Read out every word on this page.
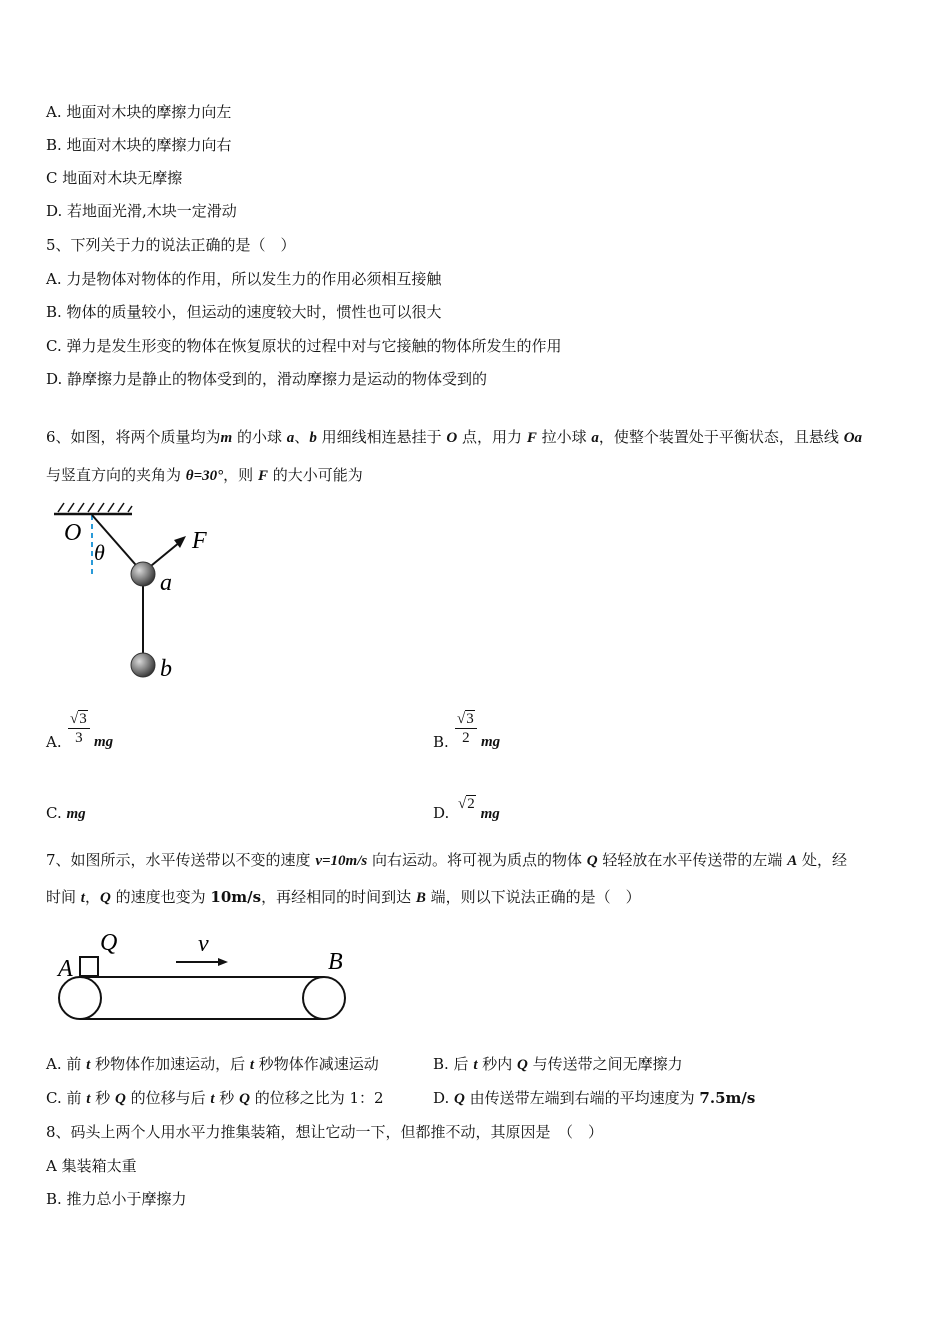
A. 地面对木块的摩擦力向左
B. 地面对木块的摩擦力向右
C 地面对木块无摩擦
D. 若地面光滑,木块一定滑动
5、下列关于力的说法正确的是（　）
A. 力是物体对物体的作用，所以发生力的作用必须相互接触
B. 物体的质量较小，但运动的速度较大时，惯性也可以很大
C. 弹力是发生形变的物体在恢复原状的过程中对与它接触的物体所发生的作用
D. 静摩擦力是静止的物体受到的，滑动摩擦力是运动的物体受到的
6、如图，将两个质量均为m 的小球 a、b 用细线相连悬挂于 O 点，用力 F 拉小球 a，使整个装置处于平衡状态，且悬线 Oa
与竖直方向的夹角为 θ=30°，则 F 的大小可能为
O
θ	F
a
b
A. $\frac{√3}{3}$ mg	B. $\frac{√3}{2}$ mg
C. mg	D. √2 mg
7、如图所示，水平传送带以不变的速度 v=10m/s 向右运动。将可视为质点的物体 Q 轻轻放在水平传送带的左端 A 处，经
时间 t，Q 的速度也变为 10m/s，再经相同的时间到达 B 端，则以下说法正确的是（　）
A
Q	v
B
A. 前 t 秒物体作加速运动，后 t 秒物体作减速运动	B. 后 t 秒内 Q 与传送带之间无摩擦力
C. 前 t 秒 Q 的位移与后 t 秒 Q 的位移之比为 1：2	D. Q 由传送带左端到右端的平均速度为 7.5m/s
8、码头上两个人用水平力推集装箱，想让它动一下，但都推不动，其原因是　（　）
A 集装箱太重
B. 推力总小于摩擦力
